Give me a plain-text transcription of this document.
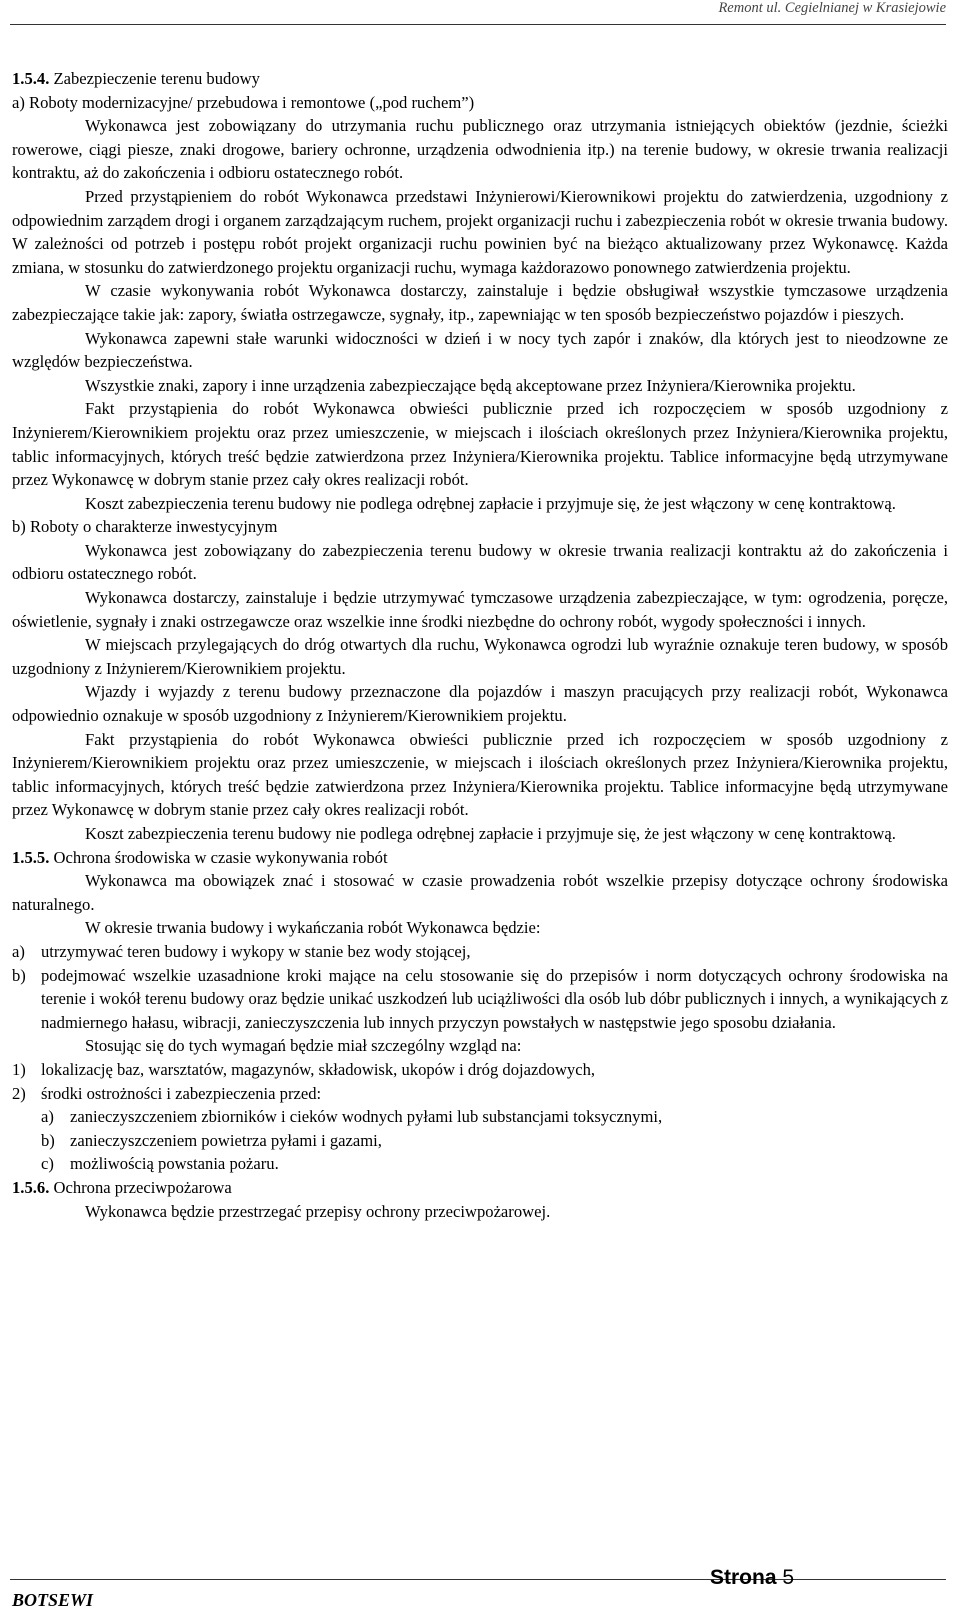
Remont ul. Cegielnianej w Krasiejowie

1.5.4. Zabezpieczenie terenu budowy

a) Roboty modernizacyjne/ przebudowa i remontowe („pod ruchem”)

Wykonawca jest zobowiązany do utrzymania ruchu publicznego oraz utrzymania istniejących obiektów (jezdnie, ścieżki rowerowe, ciągi piesze, znaki drogowe, bariery ochronne, urządzenia odwodnienia itp.) na terenie budowy, w okresie trwania realizacji kontraktu, aż do zakończenia i odbioru ostatecznego robót.

Przed przystąpieniem do robót Wykonawca przedstawi Inżynierowi/Kierownikowi projektu do zatwierdzenia, uzgodniony z odpowiednim zarządem drogi i organem zarządzającym ruchem, projekt organizacji ruchu i zabezpieczenia robót w okresie trwania budowy. W zależności od potrzeb i postępu robót projekt organizacji ruchu powinien być na bieżąco aktualizowany przez Wykonawcę. Każda zmiana, w stosunku do zatwierdzonego projektu organizacji ruchu, wymaga każdorazowo ponownego zatwierdzenia projektu.

W czasie wykonywania robót Wykonawca dostarczy, zainstaluje i będzie obsługiwał wszystkie tymczasowe urządzenia zabezpieczające takie jak: zapory, światła ostrzegawcze, sygnały, itp., zapewniając w ten sposób bezpieczeństwo pojazdów i pieszych.

Wykonawca zapewni stałe warunki widoczności w dzień i w nocy tych zapór i znaków, dla których jest to nieodzowne ze względów bezpieczeństwa.

Wszystkie znaki, zapory i inne urządzenia zabezpieczające będą akceptowane przez Inżyniera/Kierownika projektu.

Fakt przystąpienia do robót Wykonawca obwieści publicznie przed ich rozpoczęciem w sposób uzgodniony z Inżynierem/Kierownikiem projektu oraz przez umieszczenie, w miejscach i ilościach określonych przez Inżyniera/Kierownika projektu, tablic informacyjnych, których treść będzie zatwierdzona przez Inżyniera/Kierownika projektu. Tablice informacyjne będą utrzymywane przez Wykonawcę w dobrym stanie przez cały okres realizacji robót.

Koszt zabezpieczenia terenu budowy nie podlega odrębnej zapłacie i przyjmuje się, że jest włączony w cenę kontraktową.

b) Roboty o charakterze inwestycyjnym

Wykonawca jest zobowiązany do zabezpieczenia terenu budowy w okresie trwania realizacji kontraktu aż do zakończenia i odbioru ostatecznego robót.

Wykonawca dostarczy, zainstaluje i będzie utrzymywać tymczasowe urządzenia zabezpieczające, w tym: ogrodzenia, poręcze, oświetlenie, sygnały i znaki ostrzegawcze oraz wszelkie inne środki niezbędne do ochrony robót, wygody społeczności i innych.

W miejscach przylegających do dróg otwartych dla ruchu, Wykonawca ogrodzi lub wyraźnie oznakuje teren budowy, w sposób uzgodniony z Inżynierem/Kierownikiem projektu.

Wjazdy i wyjazdy z terenu budowy przeznaczone dla pojazdów i maszyn pracujących przy realizacji robót, Wykonawca odpowiednio oznakuje w sposób uzgodniony z Inżynierem/Kierownikiem projektu.

Fakt przystąpienia do robót Wykonawca obwieści publicznie przed ich rozpoczęciem w sposób uzgodniony z Inżynierem/Kierownikiem projektu oraz przez umieszczenie, w miejscach i ilościach określonych przez Inżyniera/Kierownika projektu, tablic informacyjnych, których treść będzie zatwierdzona przez Inżyniera/Kierownika projektu. Tablice informacyjne będą utrzymywane przez Wykonawcę w dobrym stanie przez cały okres realizacji robót.

Koszt zabezpieczenia terenu budowy nie podlega odrębnej zapłacie i przyjmuje się, że jest włączony w cenę kontraktową.

1.5.5. Ochrona środowiska w czasie wykonywania robót

Wykonawca ma obowiązek znać i stosować w czasie prowadzenia robót wszelkie przepisy dotyczące ochrony środowiska naturalnego.

W okresie trwania budowy i wykańczania robót Wykonawca będzie:

a) utrzymywać teren budowy i wykopy w stanie bez wody stojącej,
b) podejmować wszelkie uzasadnione kroki mające na celu stosowanie się do przepisów i norm dotyczących ochrony środowiska na terenie i wokół terenu budowy oraz będzie unikać uszkodzeń lub uciążliwości dla osób lub dóbr publicznych i innych, a wynikających z nadmiernego hałasu, wibracji, zanieczyszczenia lub innych przyczyn powstałych w następstwie jego sposobu działania.

Stosując się do tych wymagań będzie miał szczególny wzgląd na:

1) lokalizację baz, warsztatów, magazynów, składowisk, ukopów i dróg dojazdowych,
2) środki ostrożności i zabezpieczenia przed:
a) zanieczyszczeniem zbiorników i cieków wodnych pyłami lub substancjami toksycznymi,
b) zanieczyszczeniem powietrza pyłami i gazami,
c) możliwością powstania pożaru.

1.5.6. Ochrona przeciwpożarowa

Wykonawca będzie przestrzegać przepisy ochrony przeciwpożarowej.

BOTSEWI
Strona 5
